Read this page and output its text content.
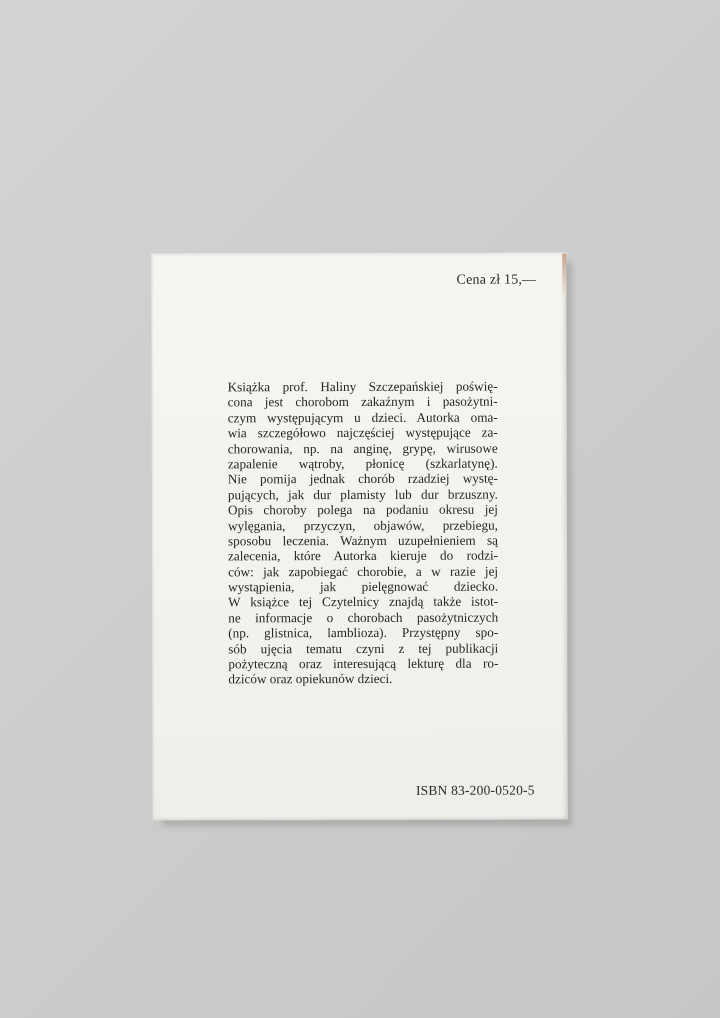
Cena zł 15,—
Książka prof. Haliny Szczepańskiej poświę-
cona jest chorobom zakaźnym i pasożytni-
czym występującym u dzieci. Autorka oma-
wia szczegółowo najczęściej występujące za-
chorowania, np. na anginę, grypę, wirusowe
zapalenie wątroby, płonicę (szkarlatynę).
Nie pomija jednak chorób rzadziej wystę-
pujących, jak dur plamisty lub dur brzuszny.
Opis choroby polega na podaniu okresu jej
wylęgania, przyczyn, objawów, przebiegu,
sposobu leczenia. Ważnym uzupełnieniem są
zalecenia, które Autorka kieruje do rodzi-
ców: jak zapobiegać chorobie, a w razie jej
wystąpienia, jak pielęgnować dziecko.
W książce tej Czytelnicy znajdą także istot-
ne informacje o chorobach pasożytniczych
(np. glistnica, lamblioza). Przystępny spo-
sób ujęcia tematu czyni z tej publikacji
pożyteczną oraz interesującą lekturę dla ro-
dziców oraz opiekunów dzieci.
ISBN 83-200-0520-5
